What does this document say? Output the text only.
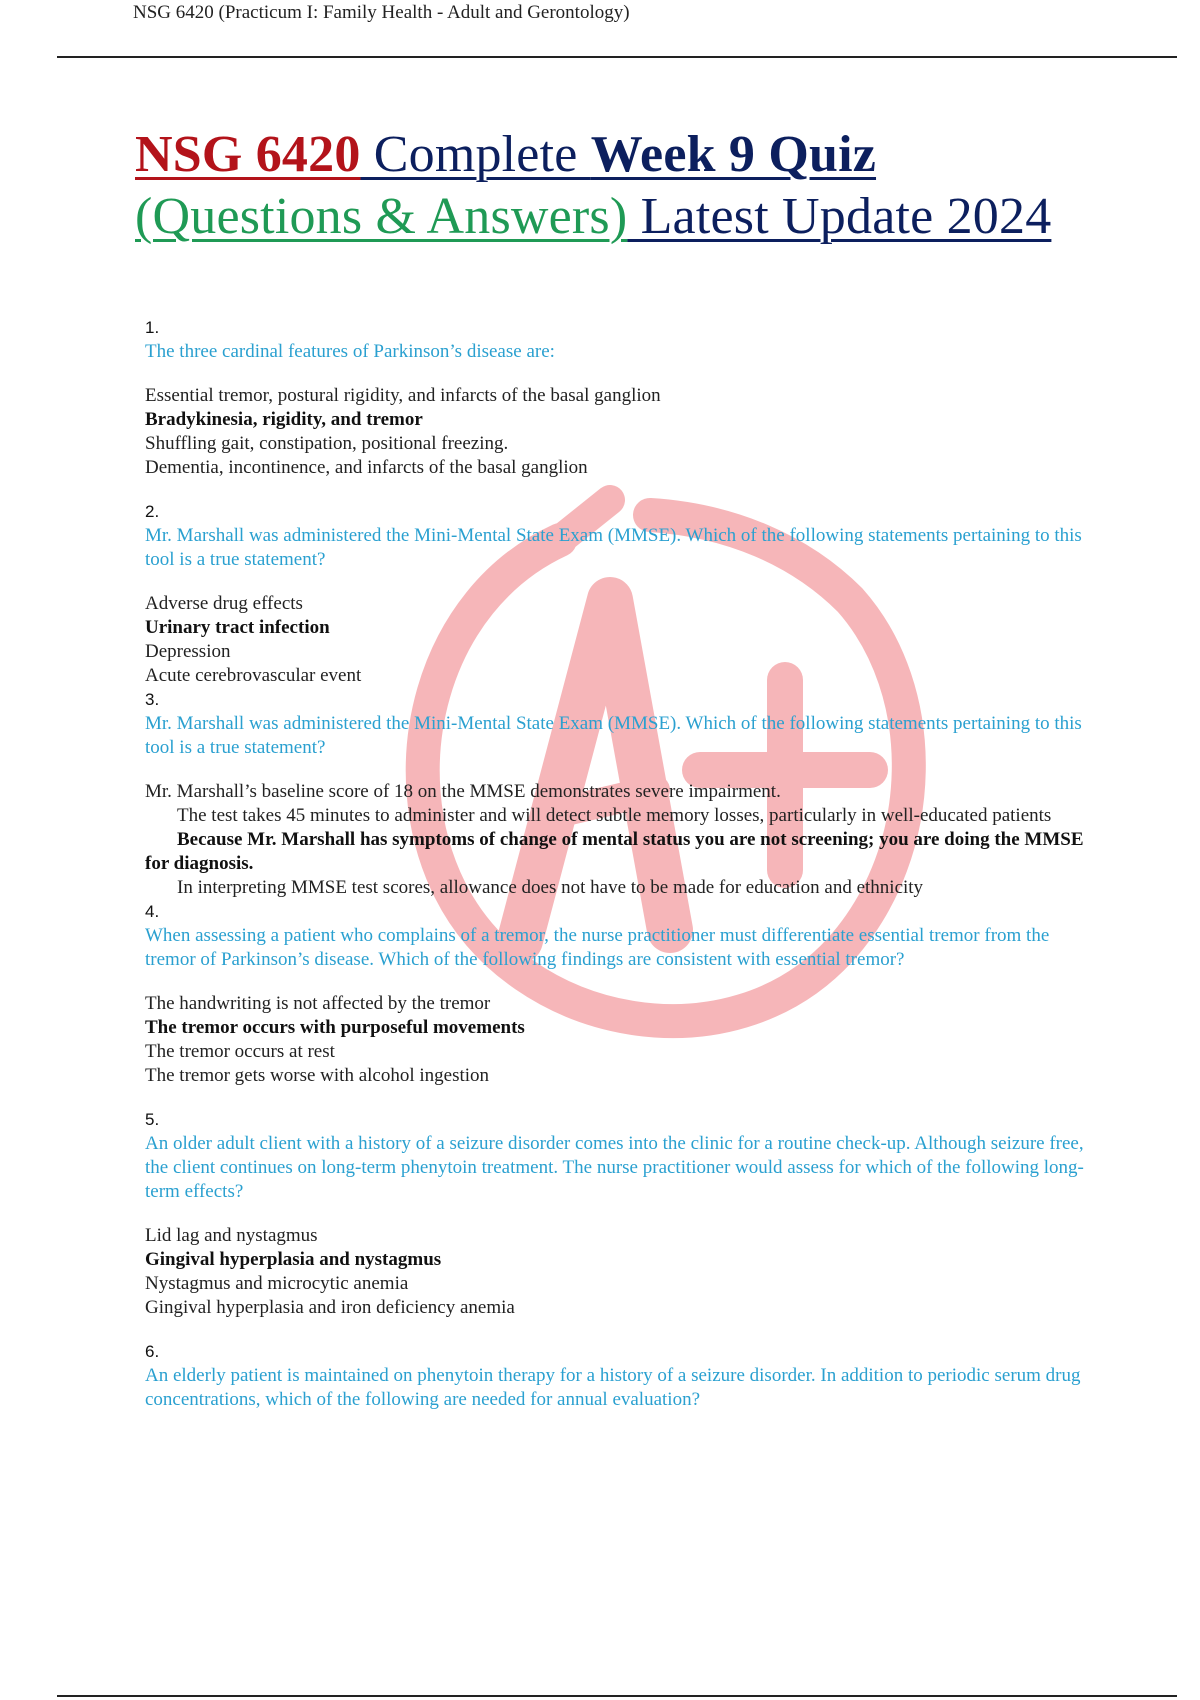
NSG 6420 (Practicum I: Family Health - Adult and Gerontology)
NSG 6420 Complete Week 9 Quiz
(Questions & Answers) Latest Update 2024
1.
The three cardinal features of Parkinson’s disease are:
Essential tremor, postural rigidity, and infarcts of the basal ganglion
Bradykinesia, rigidity, and tremor
Shuffling gait, constipation, positional freezing.
Dementia, incontinence, and infarcts of the basal ganglion
2.
Mr. Marshall was administered the Mini-Mental State Exam (MMSE). Which of the following statements pertaining to this tool is a true statement?
Adverse drug effects
Urinary tract infection
Depression
Acute cerebrovascular event
3.
Mr. Marshall was administered the Mini-Mental State Exam (MMSE). Which of the following statements pertaining to this tool is a true statement?
Mr. Marshall’s baseline score of 18 on the MMSE demonstrates severe impairment.
The test takes 45 minutes to administer and will detect subtle memory losses, particularly in well-educated patients
Because Mr. Marshall has symptoms of change of mental status you are not screening; you are doing the MMSE for diagnosis.
In interpreting MMSE test scores, allowance does not have to be made for education and ethnicity
4.
When assessing a patient who complains of a tremor, the nurse practitioner must differentiate essential tremor from the tremor of Parkinson’s disease. Which of the following findings are consistent with essential tremor?
The handwriting is not affected by the tremor
The tremor occurs with purposeful movements
The tremor occurs at rest
The tremor gets worse with alcohol ingestion
5.
An older adult client with a history of a seizure disorder comes into the clinic for a routine check-up. Although seizure free, the client continues on long-term phenytoin treatment. The nurse practitioner would assess for which of the following long-term effects?
Lid lag and nystagmus
Gingival hyperplasia and nystagmus
Nystagmus and microcytic anemia
Gingival hyperplasia and iron deficiency anemia
6.
An elderly patient is maintained on phenytoin therapy for a history of a seizure disorder. In addition to periodic serum drug concentrations, which of the following are needed for annual evaluation?
